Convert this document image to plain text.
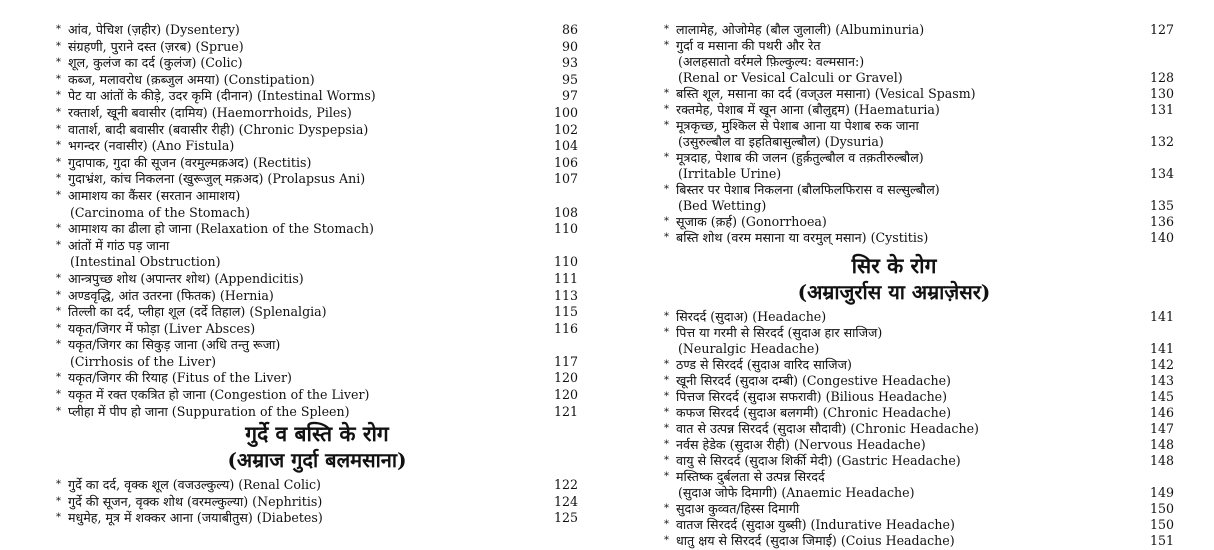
* आंव, पेचिश (ज़हीर) (Dysentery)	86
* संग्रहणी, पुराने दस्त (ज़रब) (Sprue)	90
* शूल, कुलंज का दर्द (कुलंज) (Colic)	93
* कब्ज, मलावरोध (क़ब्जुल अमया) (Constipation)	95
* पेट या आंतों के कीड़े, उदर कृमि (दीनान) (Intestinal Worms)	97
* रक्तार्श, खूनी बवासीर (दामिय) (Haemorrhoids, Piles)	100
* वातार्श, बादी बवासीर (बवासीर रीही) (Chronic Dyspepsia)	102
* भगन्दर (नवासीर) (Ano Fistula)	104
* गुदापाक, गुदा की सूजन (वरमुल्मक़अद) (Rectitis)	106
* गुदाभ्रंश, कांच निकलना (खुरूजुल् मक़अद) (Prolapsus Ani)	107
* आमाशय का कैंसर (सरतान आमाशय)
(Carcinoma of the Stomach)	108
* आमाशय का ढीला हो जाना (Relaxation of the Stomach)	110
* आंतों में गांठ पड़ जाना
(Intestinal Obstruction)	110
* आन्त्रपुच्छ शोथ (अपान्तर शोथ) (Appendicitis)	111
* अण्डवृद्धि, आंत उतरना (फितक) (Hernia)	113
* तिल्ली का दर्द, प्लीहा शूल (दर्दे तिहाल) (Splenalgia)	115
* यकृत/जिगर में फोड़ा (Liver Absces)	116
* यकृत/जिगर का सिकुड़ जाना (अधि तन्तु रूजा)
(Cirrhosis of the Liver)	117
* यकृत/जिगर की रियाह (Fitus of the Liver)	120
* यकृत में रक्त एकत्रित हो जाना (Congestion of the Liver)	120
* प्लीहा में पीप हो जाना (Suppuration of the Spleen)	121
गुर्दे व बस्ति के रोग
(अम्राज गुर्दा बलमसाना)
* गुर्दे का दर्द, वृक्क शूल (वजउल्कुल्य) (Renal Colic)	122
* गुर्दे की सूजन, वृक्क शोथ (वरमल्कुल्या) (Nephritis)	124
* मधुमेह, मूत्र में शक्कर आना (जयाबीतुस) (Diabetes)	125
* लालामेह, ओजोमेह (बौल जुलाली) (Albuminuria)	127
* गुर्दा व मसाना की पथरी और रेत
(अलहसातो वर्रमले फ़िल्कुल्य: वल्मसान:)
(Renal or Vesical Calculi or Gravel)	128
* बस्ति शूल, मसाना का दर्द (वज्उल मसाना) (Vesical Spasm)	130
* रक्तमेह, पेशाब में खून आना (बौलुद्दम) (Haematuria)	131
* मूत्रकृच्छ, मुश्किल से पेशाब आना या पेशाब रुक जाना
(उसुरुल्बौल वा इहतिबासुल्बौल) (Dysuria)	132
* मूत्रदाह, पेशाब की जलन (हुर्क़तुल्बौल व तक़तीरुल्बौल)
(Irritable Urine)	134
* बिस्तर पर पेशाब निकलना (बौलफिलफिरास व सल्सुल्बौल)
(Bed Wetting)	135
* सूजाक (क़र्ह) (Gonorrhoea)	136
* बस्ति शोथ (वरम मसाना या वरमुल् मसान) (Cystitis)	140
सिर के रोग
(अम्राजुर्रास या अम्राजे़सर)
* सिरदर्द (सुदाअ) (Headache)	141
* पित्त या गरमी से सिरदर्द (सुदाअ हार साजिज)
(Neuralgic Headache)	141
* ठण्ड से सिरदर्द (सुदाअ वारिद साजिज)	142
* खूनी सिरदर्द (सुदाअ दम्बी) (Congestive Headache)	143
* पित्तज सिरदर्द (सुदाअ सफरावी) (Bilious Headache)	145
* कफज सिरदर्द (सुदाअ बलगमी) (Chronic Headache)	146
* वात से उत्पन्न सिरदर्द (सुदाअ सौदावी) (Chronic Headache)	147
* नर्वस हेडेक (सुदाअ रीही) (Nervous Headache)	148
* वायु से सिरदर्द (सुदाअ शिर्की मेदी) (Gastric Headache)	148
* मस्तिष्क दुर्बलता से उत्पन्न सिरदर्द
(सुदाअ जोफे दिमागी) (Anaemic Headache)	149
* सुदाअ कुव्वत/हिस्स दिमागी	150
* वातज सिरदर्द (सुदाअ युब्सी) (Indurative Headache)	150
* धातु क्षय से सिरदर्द (सुदाअ जिमाई) (Coius Headache)	151
